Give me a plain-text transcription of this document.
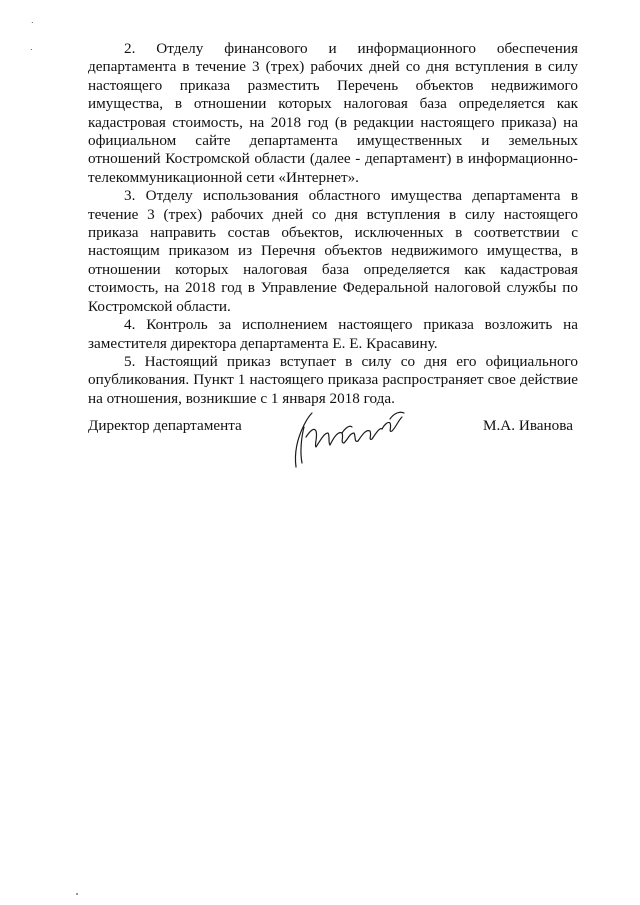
.
.	2. Отделу финансового и информационного обеспечения департамента в течение 3 (трех) рабочих дней со дня вступления в силу настоящего приказа разместить Перечень объектов недвижимого имущества, в отношении которых налоговая база определяется как кадастровая стоимость, на 2018 год (в редакции настоящего приказа) на официальном сайте департамента имущественных и земельных отношений Костромской области (далее - департамент) в информационно-телекоммуникационной сети «Интернет».

3. Отделу использования областного имущества департамента в течение 3 (трех) рабочих дней со дня вступления в силу настоящего приказа направить состав объектов, исключенных в соответствии с настоящим приказом из Перечня объектов недвижимого имущества, в отношении которых налоговая база определяется как кадастровая стоимость, на 2018 год в Управление Федеральной налоговой службы по Костромской области.

4. Контроль за исполнением настоящего приказа возложить на заместителя директора департамента Е. Е. Красавину.

5. Настоящий приказ вступает в силу со дня его официального опубликования. Пункт 1 настоящего приказа распространяет свое действие на отношения, возникшие с 1 января 2018 года.

Директор департамента	М.А. Иванова
